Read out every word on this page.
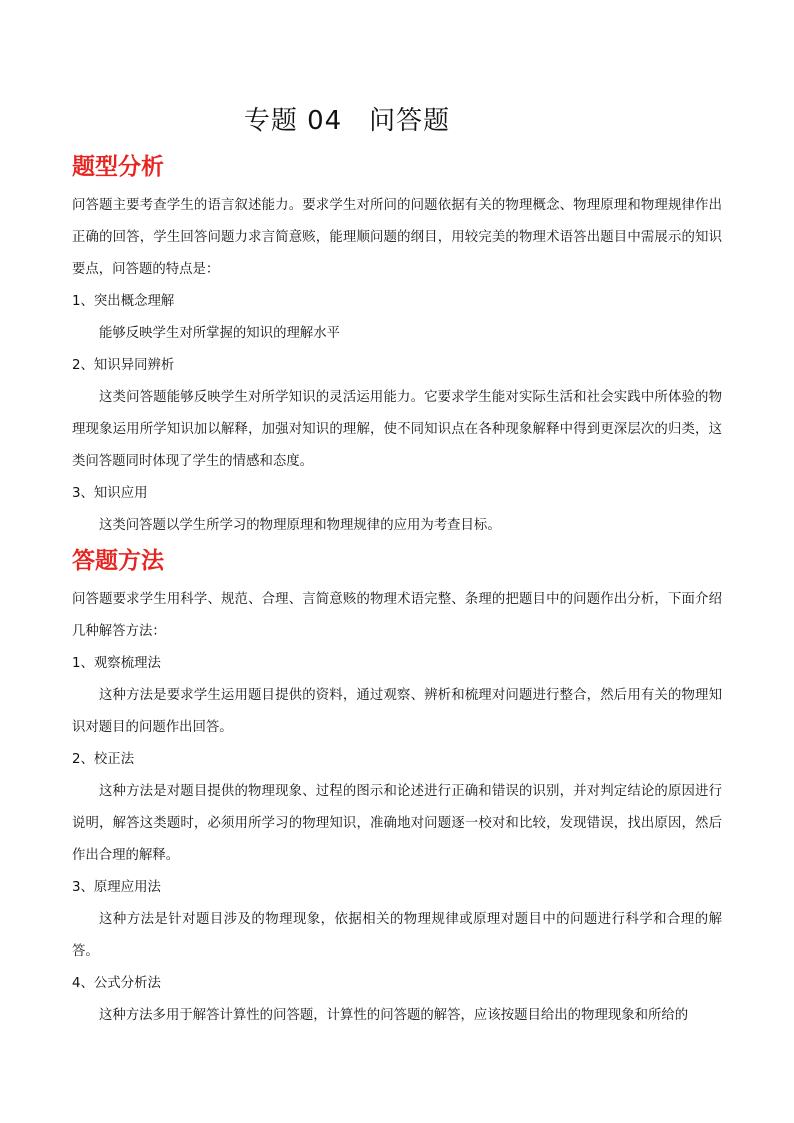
专题 04　问答题
题型分析

问答题主要考查学生的语言叙述能力。要求学生对所问的问题依据有关的物理概念、物理原理和物理规律作出正确的回答，学生回答问题力求言简意赅，能理顺问题的纲目，用较完美的物理术语答出题目中需展示的知识要点，问答题的特点是：

1、突出概念理解

能够反映学生对所掌握的知识的理解水平

2、知识异同辨析

这类问答题能够反映学生对所学知识的灵活运用能力。它要求学生能对实际生活和社会实践中所体验的物理现象运用所学知识加以解释，加强对知识的理解，使不同知识点在各种现象解释中得到更深层次的归类，这类问答题同时体现了学生的情感和态度。

3、知识应用

这类问答题以学生所学习的物理原理和物理规律的应用为考查目标。

答题方法

问答题要求学生用科学、规范、合理、言简意赅的物理术语完整、条理的把题目中的问题作出分析，下面介绍几种解答方法：

1、观察梳理法

这种方法是要求学生运用题目提供的资料，通过观察、辨析和梳理对问题进行整合，然后用有关的物理知识对题目的问题作出回答。

2、校正法

这种方法是对题目提供的物理现象、过程的图示和论述进行正确和错误的识别，并对判定结论的原因进行说明，解答这类题时，必须用所学习的物理知识，准确地对问题逐一校对和比较，发现错误，找出原因，然后作出合理的解释。

3、原理应用法

这种方法是针对题目涉及的物理现象，依据相关的物理规律或原理对题目中的问题进行科学和合理的解答。

4、公式分析法

这种方法多用于解答计算性的问答题，计算性的问答题的解答，应该按题目给出的物理现象和所给的
